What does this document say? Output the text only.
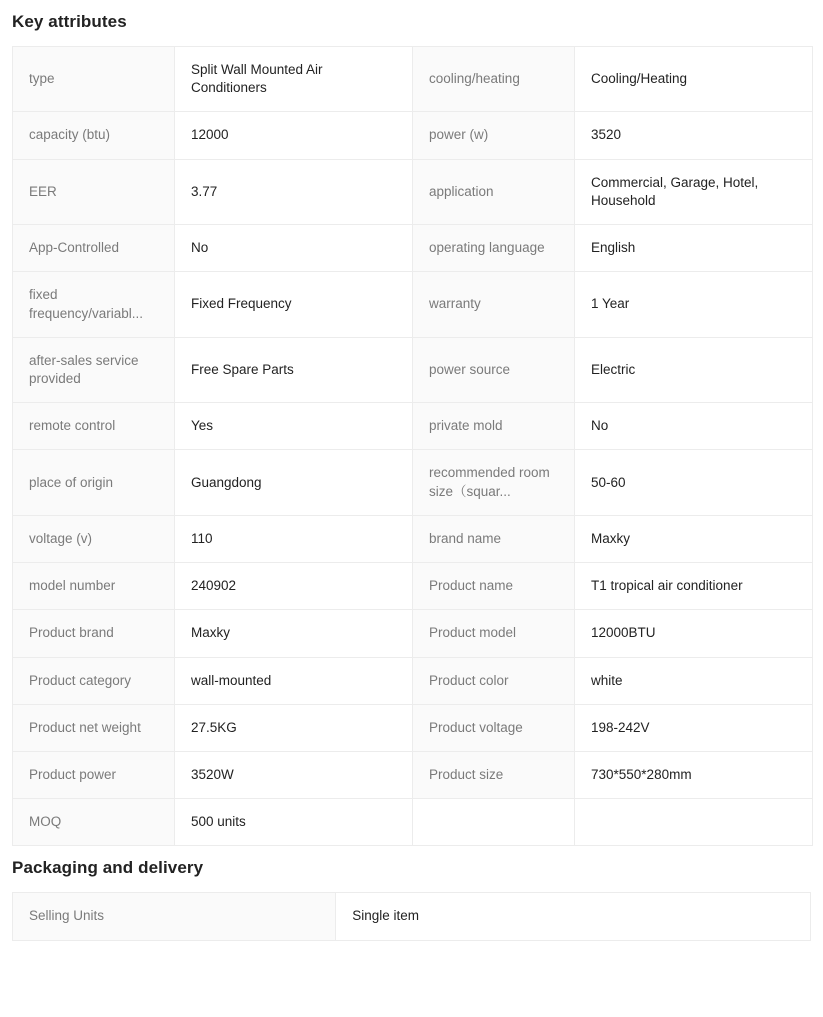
Key attributes
type	Split Wall Mounted Air Conditioners	cooling/heating	Cooling/Heating
capacity (btu)	12000	power (w)	3520
EER	3.77	application	Commercial, Garage, Hotel, Household
App-Controlled	No	operating language	English

fixed frequency/variabl...	Fixed Frequency	warranty	1 Year
after-sales service provided	Free Spare Parts	power source	Electric
remote control	Yes	private mold	No
place of origin	Guangdong	recommended room size（squar...	50-60
voltage (v)	110	brand name	Maxky
model number	240902	Product name	T1 tropical air conditioner
Product brand	Maxky	Product model	12000BTU
Product category	wall-mounted	Product color	white
Product net weight	27.5KG	Product voltage	198-242V
Product power	3520W	Product size	730*550*280mm
MOQ	500 units		
Packaging and delivery
Selling Units	Single item
